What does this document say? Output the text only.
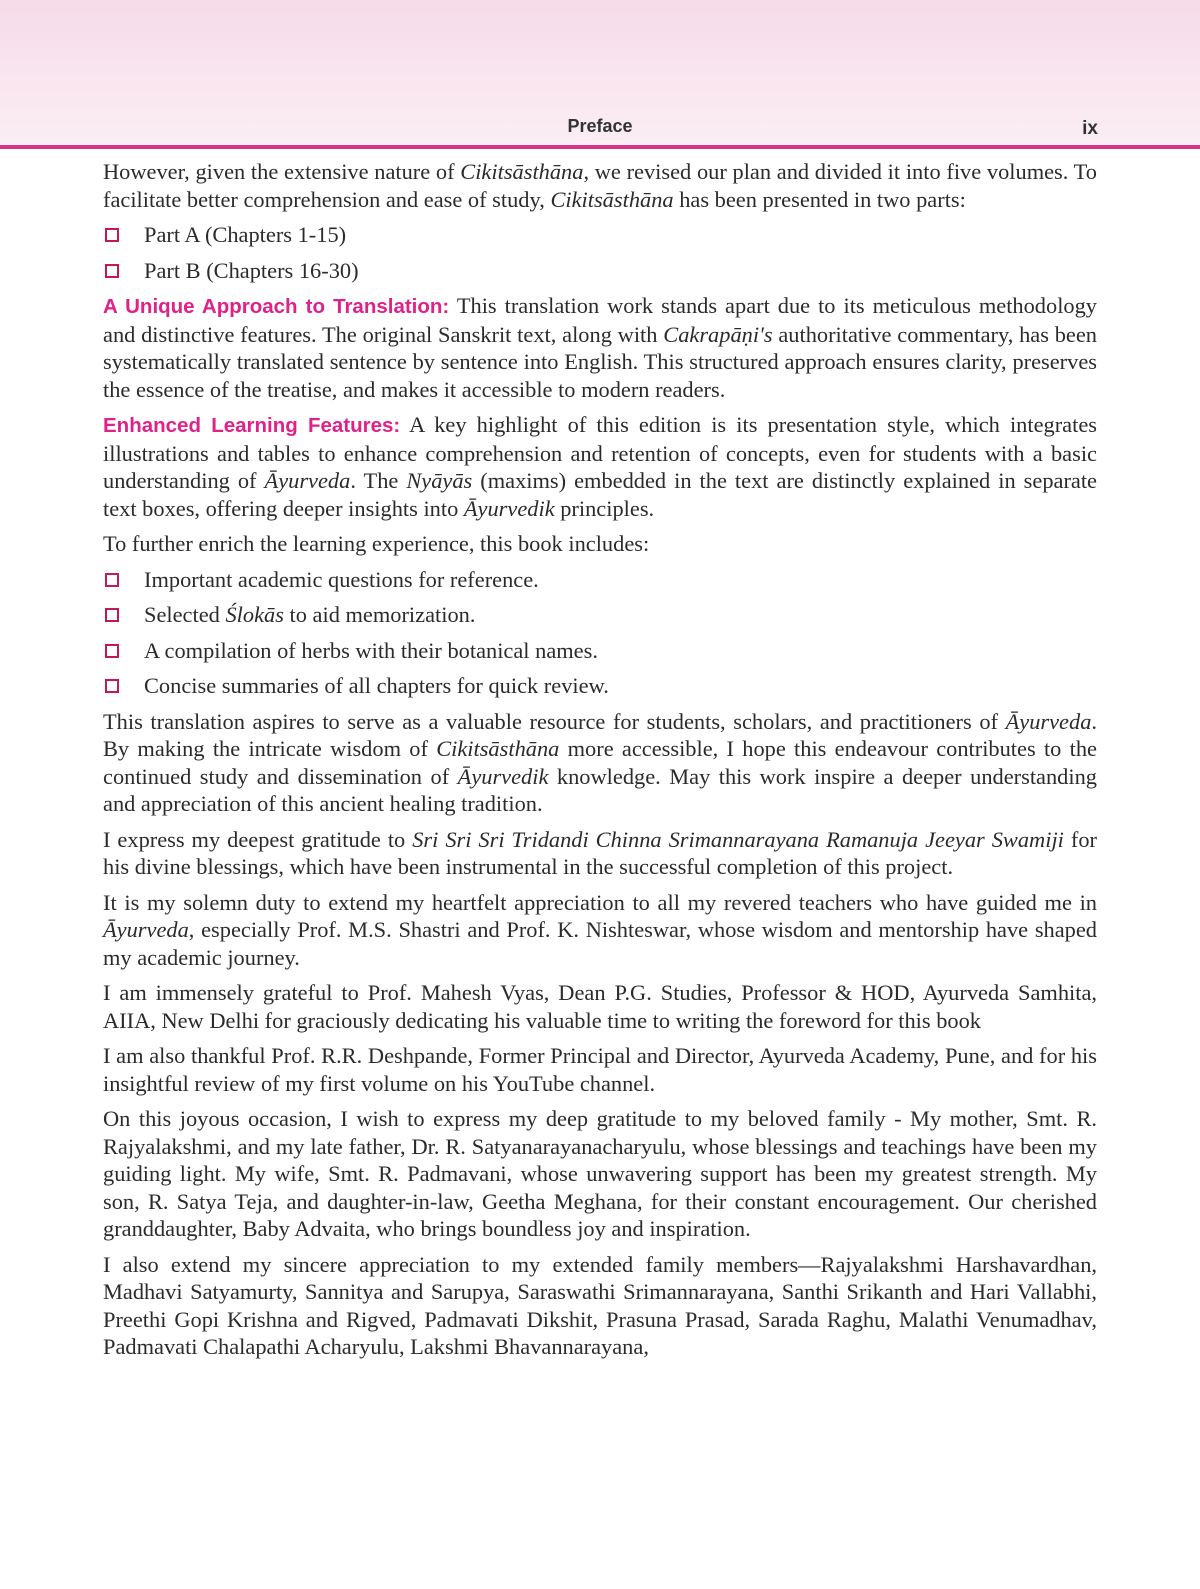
Preface	ix

However, given the extensive nature of Cikitsāsthāna, we revised our plan and divided it into five volumes. To facilitate better comprehension and ease of study, Cikitsāsthāna has been presented in two parts:

Part A (Chapters 1-15)
Part B (Chapters 16-30)

A Unique Approach to Translation: This translation work stands apart due to its meticulous methodology and distinctive features. The original Sanskrit text, along with Cakrapāṇi's authoritative commentary, has been systematically translated sentence by sentence into English. This structured approach ensures clarity, preserves the essence of the treatise, and makes it accessible to modern readers.

Enhanced Learning Features: A key highlight of this edition is its presentation style, which integrates illustrations and tables to enhance comprehension and retention of concepts, even for students with a basic understanding of Āyurveda. The Nyāyās (maxims) embedded in the text are distinctly explained in separate text boxes, offering deeper insights into Āyurvedik principles.

To further enrich the learning experience, this book includes:

Important academic questions for reference.
Selected Ślokās to aid memorization.
A compilation of herbs with their botanical names.
Concise summaries of all chapters for quick review.

This translation aspires to serve as a valuable resource for students, scholars, and practitioners of Āyurveda. By making the intricate wisdom of Cikitsāsthāna more accessible, I hope this endeavour contributes to the continued study and dissemination of Āyurvedik knowledge. May this work inspire a deeper understanding and appreciation of this ancient healing tradition.

I express my deepest gratitude to Sri Sri Sri Tridandi Chinna Srimannarayana Ramanuja Jeeyar Swamiji for his divine blessings, which have been instrumental in the successful completion of this project.

It is my solemn duty to extend my heartfelt appreciation to all my revered teachers who have guided me in Āyurveda, especially Prof. M.S. Shastri and Prof. K. Nishteswar, whose wisdom and mentorship have shaped my academic journey.

I am immensely grateful to Prof. Mahesh Vyas, Dean P.G. Studies, Professor & HOD, Ayurveda Samhita, AIIA, New Delhi for graciously dedicating his valuable time to writing the foreword for this book

I am also thankful Prof. R.R. Deshpande, Former Principal and Director, Ayurveda Academy, Pune, and for his insightful review of my first volume on his YouTube channel.

On this joyous occasion, I wish to express my deep gratitude to my beloved family - My mother, Smt. R. Rajyalakshmi, and my late father, Dr. R. Satyanarayanacharyulu, whose blessings and teachings have been my guiding light. My wife, Smt. R. Padmavani, whose unwavering support has been my greatest strength. My son, R. Satya Teja, and daughter-in-law, Geetha Meghana, for their constant encouragement. Our cherished granddaughter, Baby Advaita, who brings boundless joy and inspiration.

I also extend my sincere appreciation to my extended family members—Rajyalakshmi Harshavardhan, Madhavi Satyamurty, Sannitya and Sarupya, Saraswathi Srimannarayana, Santhi Srikanth and Hari Vallabhi, Preethi Gopi Krishna and Rigved, Padmavati Dikshit, Prasuna Prasad, Sarada Raghu, Malathi Venumadhav, Padmavati Chalapathi Acharyulu, Lakshmi Bhavannarayana,
